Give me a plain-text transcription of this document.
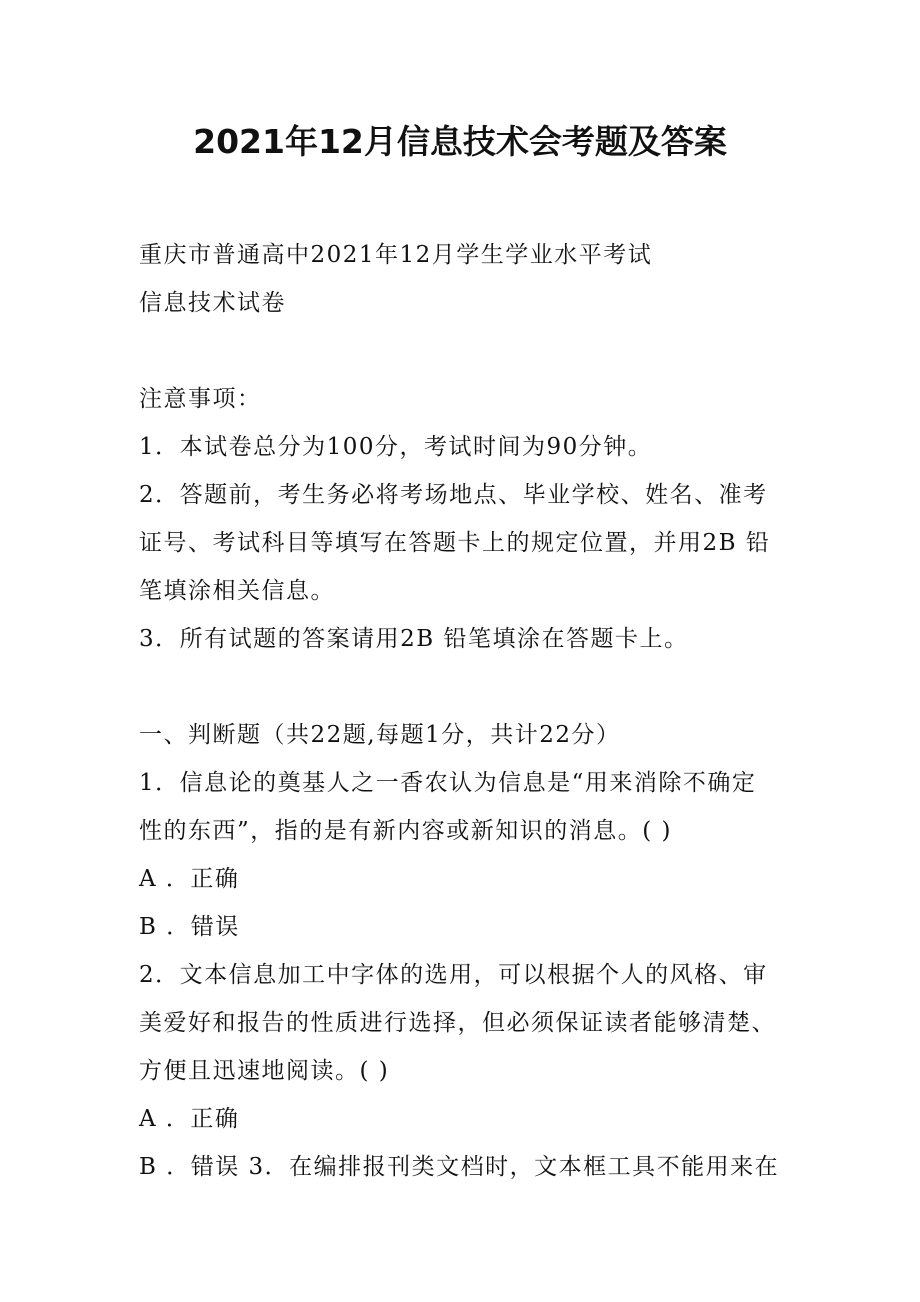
2021年12月信息技术会考题及答案

重庆市普通高中2021年12月学生学业水平考试

信息技术试卷

注意事项：

1．本试卷总分为100分，考试时间为90分钟。

2．答题前，考生务必将考场地点、毕业学校、姓名、准考

证号、考试科目等填写在答题卡上的规定位置，并用2B 铅

笔填涂相关信息。

3．所有试题的答案请用2B 铅笔填涂在答题卡上。

一、判断题（共22题,每题1分，共计22分）

1．信息论的奠基人之一香农认为信息是“用来消除不确定

性的东西”，指的是有新内容或新知识的消息。( )

A ．正确

B ．错误

2．文本信息加工中字体的选用，可以根据个人的风格、审

美爱好和报告的性质进行选择，但必须保证读者能够清楚、

方便且迅速地阅读。( )

A ．正确

B ．错误 3．在编排报刊类文档时，文本框工具不能用来在
